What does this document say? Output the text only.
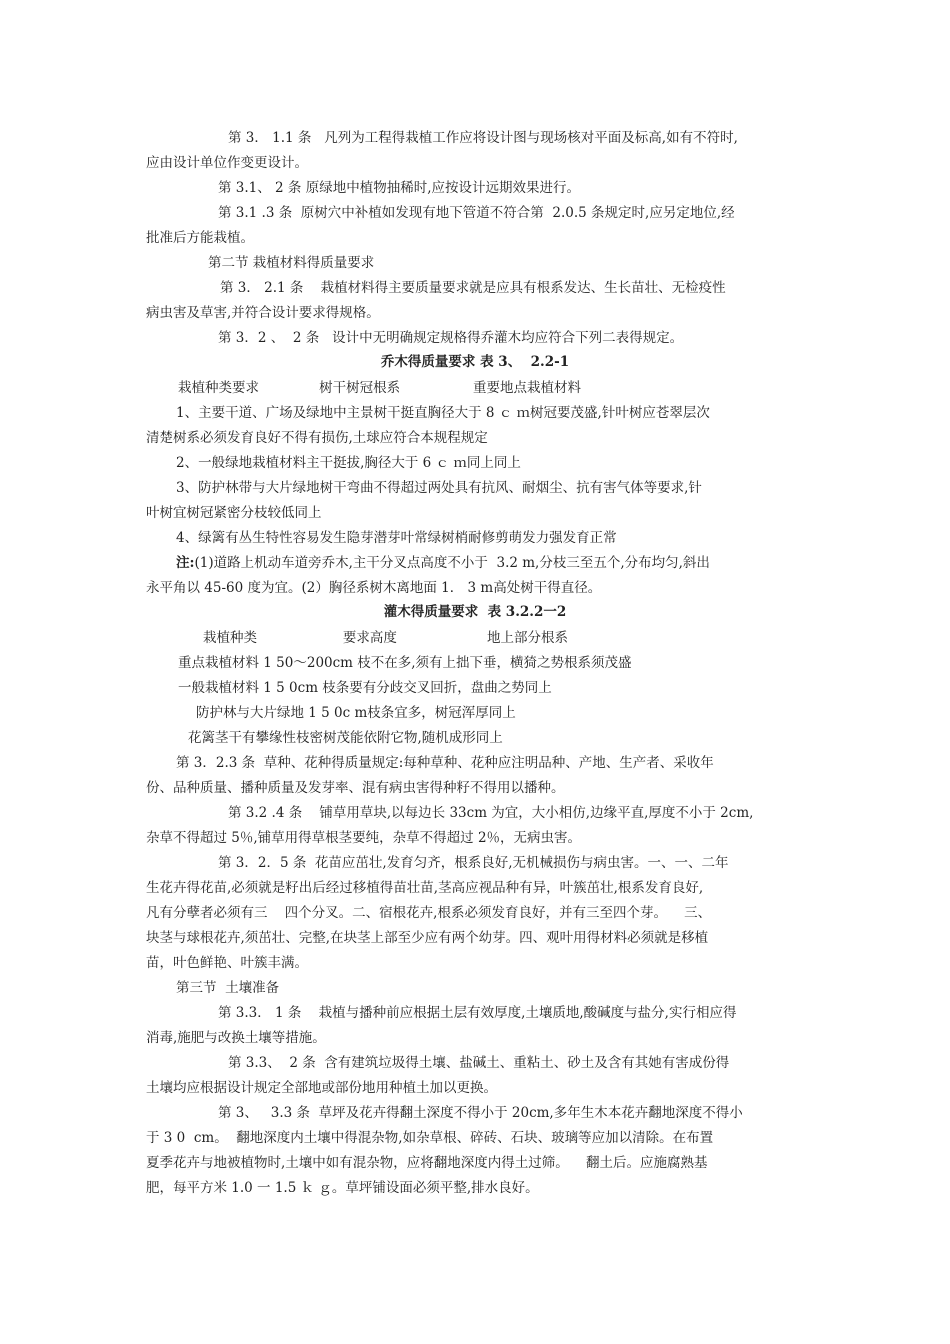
第 3． 1.1 条   凡列为工程得栽植工作应将设计图与现场核对平面及标高,如有不符时,
应由设计单位作变更设计。
第 3.1、 2 条 原绿地中植物抽稀时,应按设计远期效果进行。
第 3.1 .3 条  原树穴中补植如发现有地下管道不符合第  2.0.5 条规定时,应另定地位,经
批准后方能栽植。
第二节 栽植材料得质量要求
第 3． 2.1 条    栽植材料得主要质量要求就是应具有根系发达、生长苗壮、无检疫性
病虫害及草害,并符合设计要求得规格。
第 3．2 、  2 条   设计中无明确规定规格得乔灌木均应符合下列二表得规定。
乔木得质量要求 表 3、  2.2-1
栽植种类要求              树干树冠根系                 重要地点栽植材料
1、主要干道、广场及绿地中主景树干挺直胸径大于 8 ｃ ｍ树冠要茂盛,针叶树应苍翠层次
清楚树系必须发育良好不得有损伤,土球应符合本规程规定
2、一般绿地栽植材料主干挺拔,胸径大于 6 ｃ ｍ同上同上
3、防护林带与大片绿地树干弯曲不得超过两处具有抗风、耐烟尘、抗有害气体等要求,针
叶树宜树冠紧密分枝较低同上
4、绿篱有丛生特性容易发生隐芽潜芽叶常绿树梢耐修剪萌发力强发育正常
注:(1)道路上机动车道旁乔木,主干分叉点高度不小于  3.2 m,分枝三至五个,分布均匀,斜出
永平角以 45-60 度为宜。(2）胸径系树木离地面 1． 3 m高处树干得直径。
灌木得质量要求  表 3.2.2一2
栽植种类                    要求高度                     地上部分根系
重点栽植材料 1 50～200cm 枝不在多,须有上拙下垂，横猗之势根系须茂盛
一般栽植材料 1 5 0cm 枝条要有分歧交叉回折，盘曲之势同上
防护林与大片绿地 1 5 0c m枝条宜多，树冠浑厚同上
花篱茎干有攀缘性枝密树茂能依附它物,随机成形同上
第 3．2.3 条  草种、花种得质量规定:每种草种、花种应注明品种、产地、生产者、采收年
份、品种质量、播种质量及发芽率、混有病虫害得种籽不得用以播种。
第 3.2 .4 条    铺草用草块,以每边长 33cm 为宜，大小相仿,边缘平直,厚度不小于 2cm,
杂草不得超过 5％,铺草用得草根茎要纯，杂草不得超过 2％，无病虫害。
第 3．2．5 条  花苗应茁壮,发育匀齐，根系良好,无机械损伤与病虫害。一、一、二年
生花卉得花苗,必须就是籽出后经过移植得苗壮苗,茎高应视品种有异，叶簇茁壮,根系发育良好,
凡有分孽者必须有三    四个分叉。二、宿根花卉,根系必须发育良好，并有三至四个芽。    三、
块茎与球根花卉,须茁壮、完整,在块茎上部至少应有两个幼芽。四、观叶用得材料必须就是移植
苗，叶色鲜艳、叶簇丰满。
第三节  土壤准备
第 3.3． 1 条    栽植与播种前应根据土层有效厚度,土壤质地,酸碱度与盐分,实行相应得
消毒,施肥与改换土壤等措施。
第 3.3、  2 条  含有建筑垃圾得土壤、盐碱土、重粘土、砂土及含有其她有害成份得
土壤均应根据设计规定全部地或部份地用种植土加以更换。
第 3、   3.3 条  草坪及花卉得翻土深度不得小于 20cm,多年生木本花卉翻地深度不得小
于 3 0  cm。  翻地深度内土壤中得混杂物,如杂草根、碎砖、石块、玻璃等应加以清除。在布置
夏季花卉与地被植物时,土壤中如有混杂物，应将翻地深度内得土过筛。    翻土后。应施腐熟基
肥，每平方米 1.0 一 1.5 ｋ ｇ。草坪铺设面必须平整,排水良好。
